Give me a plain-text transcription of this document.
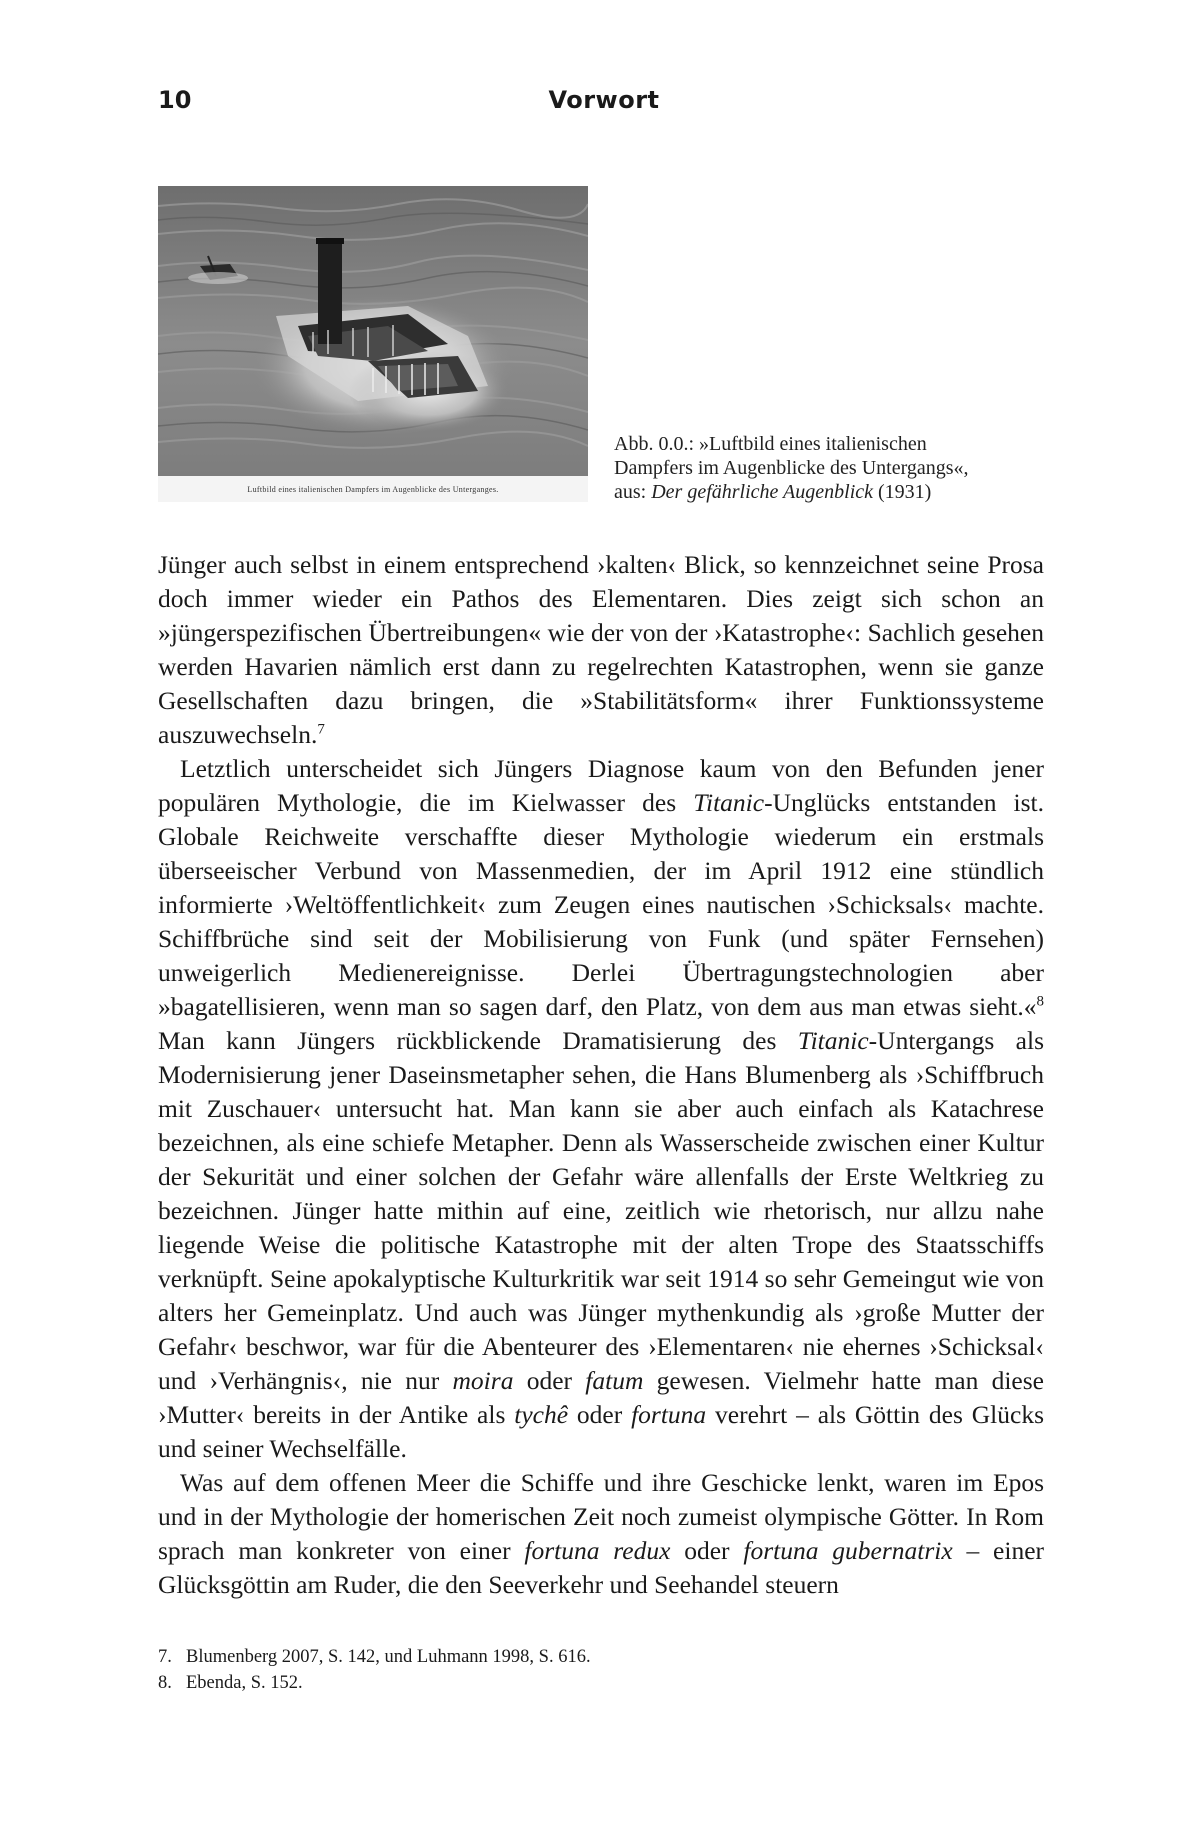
10	Vorwort
Luftbild eines italienischen Dampfers im Augenblicke des Unterganges.

Abb. 0.0.: »Luftbild eines italienischen

Dampfers im Augenblicke des Untergangs«,

aus: Der gefährliche Augenblick (1931)

Jünger auch selbst in einem entsprechend ›kalten‹ Blick, so kennzeichnet seine Prosa doch immer wieder ein Pathos des Elementaren. Dies zeigt sich schon an »jüngerspezifischen Übertreibungen« wie der von der ›Katastrophe‹: Sachlich gesehen werden Havarien nämlich erst dann zu regelrechten Katastrophen, wenn sie ganze Gesellschaften dazu bringen, die »Stabilitätsform« ihrer Funktionssysteme auszuwechseln.$^7$

Letztlich unterscheidet sich Jüngers Diagnose kaum von den Befunden jener populären Mythologie, die im Kielwasser des Titanic-Unglücks entstanden ist. Globale Reichweite verschaffte dieser Mythologie wiederum ein erstmals überseeischer Verbund von Massenmedien, der im April 1912 eine stündlich informierte ›Weltöffentlichkeit‹ zum Zeugen eines nautischen ›Schicksals‹ machte. Schiffbrüche sind seit der Mobilisierung von Funk (und später Fernsehen) unweigerlich Medienereignisse. Derlei Übertragungstechnologien aber »bagatellisieren, wenn man so sagen darf, den Platz, von dem aus man etwas sieht.«$^8$ Man kann Jüngers rückblickende Dramatisierung des Titanic-Untergangs als Modernisierung jener Daseinsmetapher sehen, die Hans Blumenberg als ›Schiffbruch mit Zuschauer‹ untersucht hat. Man kann sie aber auch einfach als Katachrese bezeichnen, als eine schiefe Metapher. Denn als Wasserscheide zwischen einer Kultur der Sekurität und einer solchen der Gefahr wäre allenfalls der Erste Weltkrieg zu bezeichnen. Jünger hatte mithin auf eine, zeitlich wie rhetorisch, nur allzu nahe liegende Weise die politische Katastrophe mit der alten Trope des Staatsschiffs verknüpft. Seine apokalyptische Kulturkritik war seit 1914 so sehr Gemeingut wie von alters her Gemeinplatz. Und auch was Jünger mythenkundig als ›große Mutter der Gefahr‹ beschwor, war für die Abenteurer des ›Elementaren‹ nie ehernes ›Schicksal‹ und ›Verhängnis‹, nie nur moira oder fatum gewesen. Vielmehr hatte man diese ›Mutter‹ bereits in der Antike als tychê oder fortuna verehrt – als Göttin des Glücks und seiner Wechselfälle.

Was auf dem offenen Meer die Schiffe und ihre Geschicke lenkt, waren im Epos und in der Mythologie der homerischen Zeit noch zumeist olympische Götter. In Rom sprach man konkreter von einer fortuna redux oder fortuna gubernatrix – einer Glücksgöttin am Ruder, die den Seeverkehr und Seehandel steuern

7. Blumenberg 2007, S. 142, und Luhmann 1998, S. 616.

8. Ebenda, S. 152.
